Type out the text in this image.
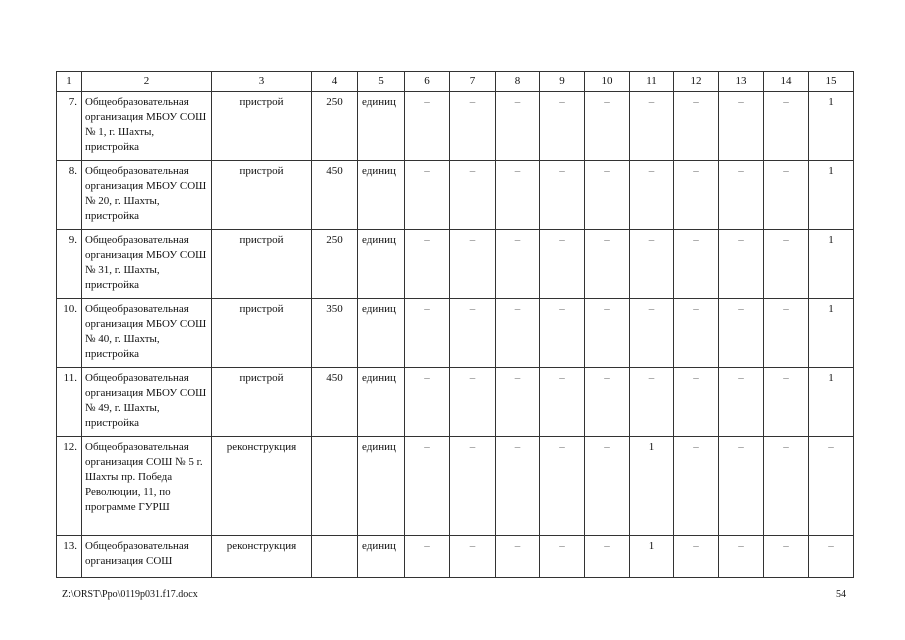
1	2	3	4	5	6	7	8	9	10	11	12	13	14	15
7.	Общеобразовательная организация МБОУ СОШ № 1, г. Шахты, пристройка	пристрой	250	единиц	–	–	–	–	–	–	–	–	–	1
8.	Общеобразовательная организация МБОУ СОШ № 20, г. Шахты, пристройка	пристрой	450	единиц	–	–	–	–	–	–	–	–	–	1
9.	Общеобразовательная организация МБОУ СОШ № 31, г. Шахты, пристройка	пристрой	250	единиц	–	–	–	–	–	–	–	–	–	1
10.	Общеобразовательная организация МБОУ СОШ № 40, г. Шахты, пристройка	пристрой	350	единиц	–	–	–	–	–	–	–	–	–	1
11.	Общеобразовательная организация МБОУ СОШ № 49, г. Шахты, пристройка	пристрой	450	единиц	–	–	–	–	–	–	–	–	–	1
12.	Общеобразовательная организация СОШ № 5 г. Шахты пр. Победа Революции, 11, по программе ГУРШ	реконструкция		единиц	–	–	–	–	–	1	–	–	–	–
13.	Общеобразовательная организация СОШ	реконструкция		единиц	–	–	–	–	–	1	–	–	–	–
Z:\ORST\Ppo\0119p031.f17.docx	54
